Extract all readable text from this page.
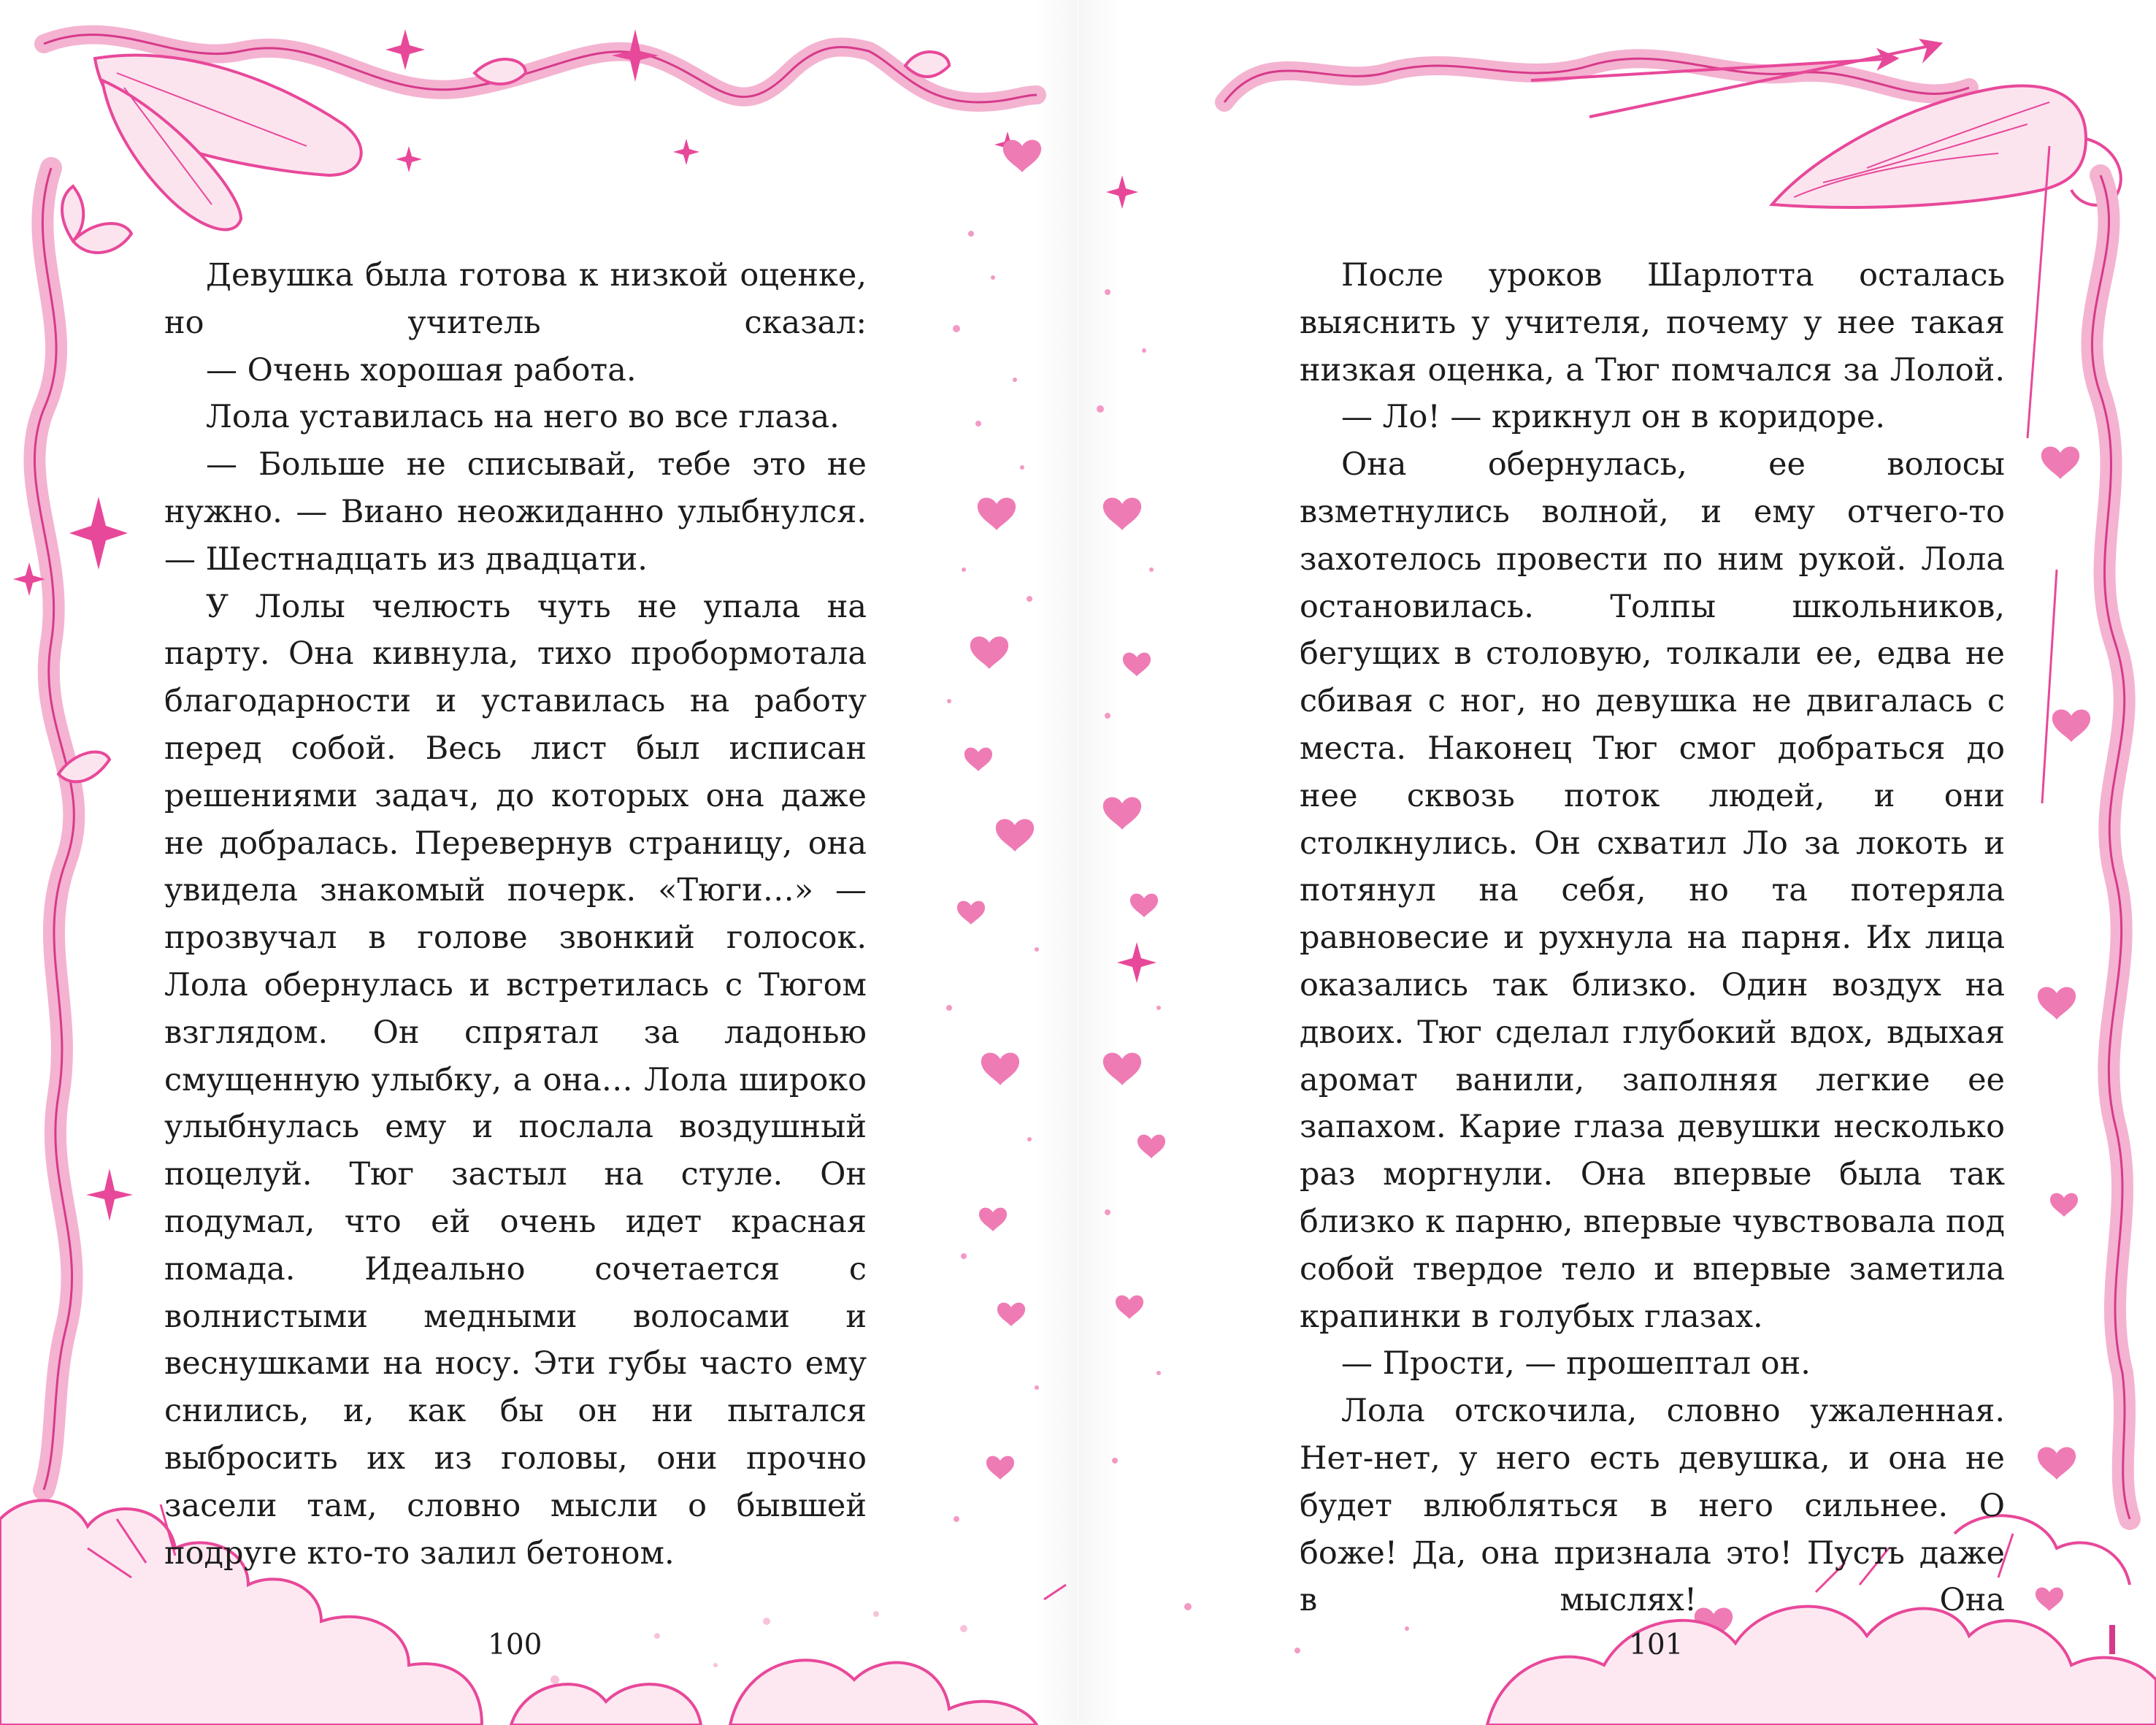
Девушка была готова к низкой оценке, но учитель сказал:

— Очень хорошая работа.

Лола уставилась на него во все глаза.

— Больше не списывай, тебе это не нужно. — Виано неожиданно улыбнулся. — Шестнадцать из двадцати.

У Лолы челюсть чуть не упала на парту. Она кивнула, тихо пробормотала благодарности и уставилась на работу перед собой. Весь лист был исписан решениями задач, до которых она даже не добралась. Перевернув страницу, она увидела знакомый почерк. «Тюги…» — прозвучал в голове звонкий голосок. Лола обернулась и встретилась с Тюгом взглядом. Он спрятал за ладонью смущенную улыбку, а она… Лола широко улыбнулась ему и послала воздушный поцелуй. Тюг застыл на стуле. Он подумал, что ей очень идет красная помада. Идеально сочетается с волнистыми медными волосами и веснушками на носу. Эти губы часто ему снились, и, как бы он ни пытался выбросить их из головы, они прочно засели там, словно мысли о бывшей подруге кто-то залил бетоном.

100

После уроков Шарлотта осталась выяснить у учителя, почему у нее такая низкая оценка, а Тюг помчался за Лолой.

— Ло! — крикнул он в коридоре.

Она обернулась, ее волосы взметнулись волной, и ему отчего-то захотелось провести по ним рукой. Лола остановилась. Толпы школьников, бегущих в столовую, толкали ее, едва не сбивая с ног, но девушка не двигалась с места. Наконец Тюг смог добраться до нее сквозь поток людей, и они столкнулись. Он схватил Ло за локоть и потянул на себя, но та потеряла равновесие и рухнула на парня. Их лица оказались так близко. Один воздух на двоих. Тюг сделал глубокий вдох, вдыхая аромат ванили, заполняя легкие ее запахом. Карие глаза девушки несколько раз моргнули. Она впервые была так близко к парню, впервые чувствовала под собой твердое тело и впервые заметила крапинки в голубых глазах.

— Прости, — прошептал он.

Лола отскочила, словно ужаленная. Нет-нет, у него есть девушка, и она не будет влюбляться в него сильнее. О боже! Да, она признала это! Пусть даже в мыслях! Она

101
